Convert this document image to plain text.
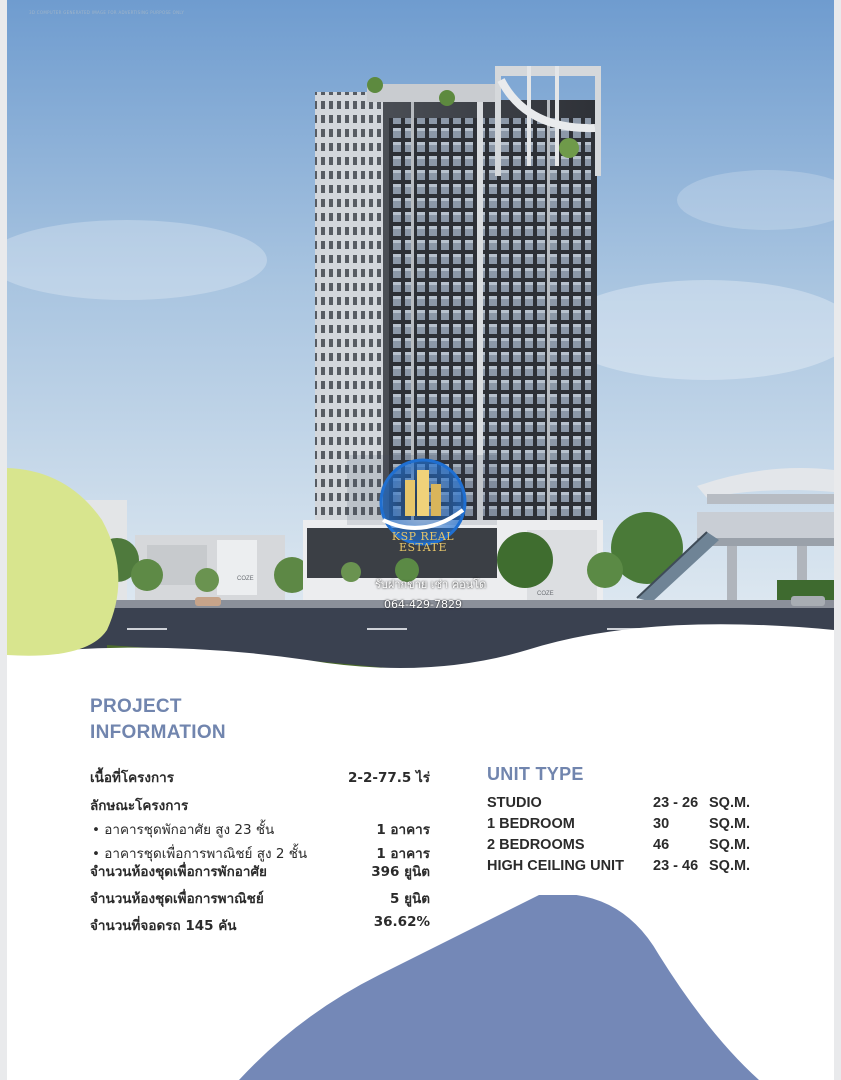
COZE
COZE
3D COMPUTER GENERATED IMAGE FOR ADVERTISING PURPOSE ONLY
KSP REAL ESTATE
รับฝากขาย เช่า คอนโด
064-429-7829
PROJECT
INFORMATION
เนื้อที่โครงการ	2-2-77.5 ไร่
ลักษณะโครงการ
• อาคารชุดพักอาศัย สูง 23 ชั้น	1 อาคาร
• อาคารชุดเพื่อการพาณิชย์ สูง 2 ชั้น	1 อาคาร
จำนวนห้องชุดเพื่อการพักอาศัย	396 ยูนิต
จำนวนห้องชุดเพื่อการพาณิชย์	5 ยูนิต
จำนวนที่จอดรถ 145 คัน	36.62%
UNIT TYPE
STUDIO	23 - 26 SQ.M.
1 BEDROOM	30	SQ.M.
2 BEDROOMS	46	SQ.M.
HIGH CEILING UNIT 23 - 46 SQ.M.
